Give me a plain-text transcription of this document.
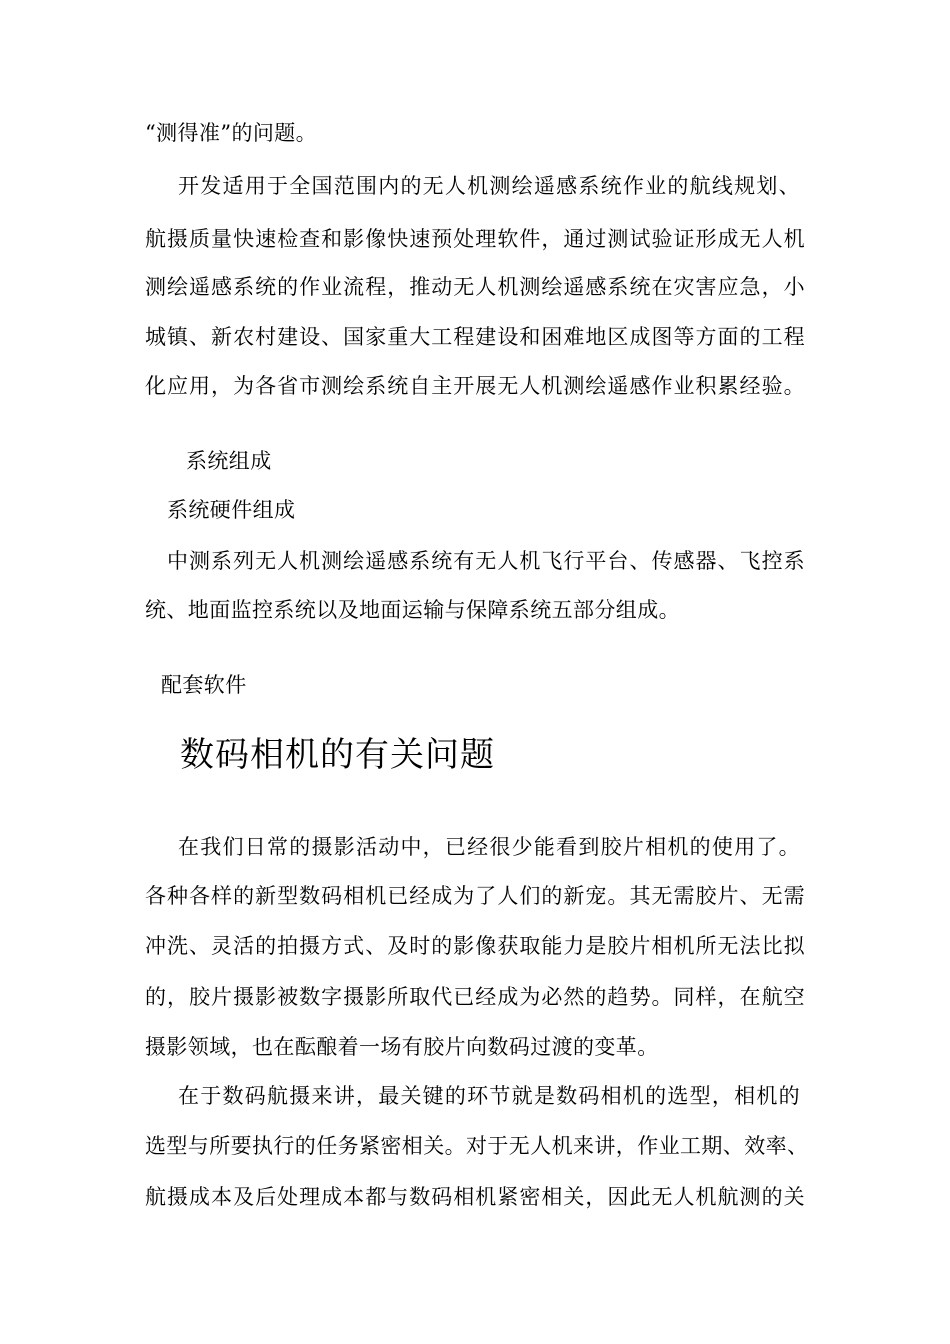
“测得准”的问题。
开发适用于全国范围内的无人机测绘遥感系统作业的航线规划、
航摄质量快速检查和影像快速预处理软件，通过测试验证形成无人机
测绘遥感系统的作业流程，推动无人机测绘遥感系统在灾害应急，小
城镇、新农村建设、国家重大工程建设和困难地区成图等方面的工程
化应用，为各省市测绘系统自主开展无人机测绘遥感作业积累经验。
系统组成
系统硬件组成
中测系列无人机测绘遥感系统有无人机飞行平台、传感器、飞控系
统、地面监控系统以及地面运输与保障系统五部分组成。
配套软件
数码相机的有关问题
在我们日常的摄影活动中，已经很少能看到胶片相机的使用了。
各种各样的新型数码相机已经成为了人们的新宠。其无需胶片、无需
冲洗、灵活的拍摄方式、及时的影像获取能力是胶片相机所无法比拟
的，胶片摄影被数字摄影所取代已经成为必然的趋势。同样，在航空
摄影领域，也在酝酿着一场有胶片向数码过渡的变革。
在于数码航摄来讲，最关键的环节就是数码相机的选型，相机的
选型与所要执行的任务紧密相关。对于无人机来讲，作业工期、效率、
航摄成本及后处理成本都与数码相机紧密相关，因此无人机航测的关
